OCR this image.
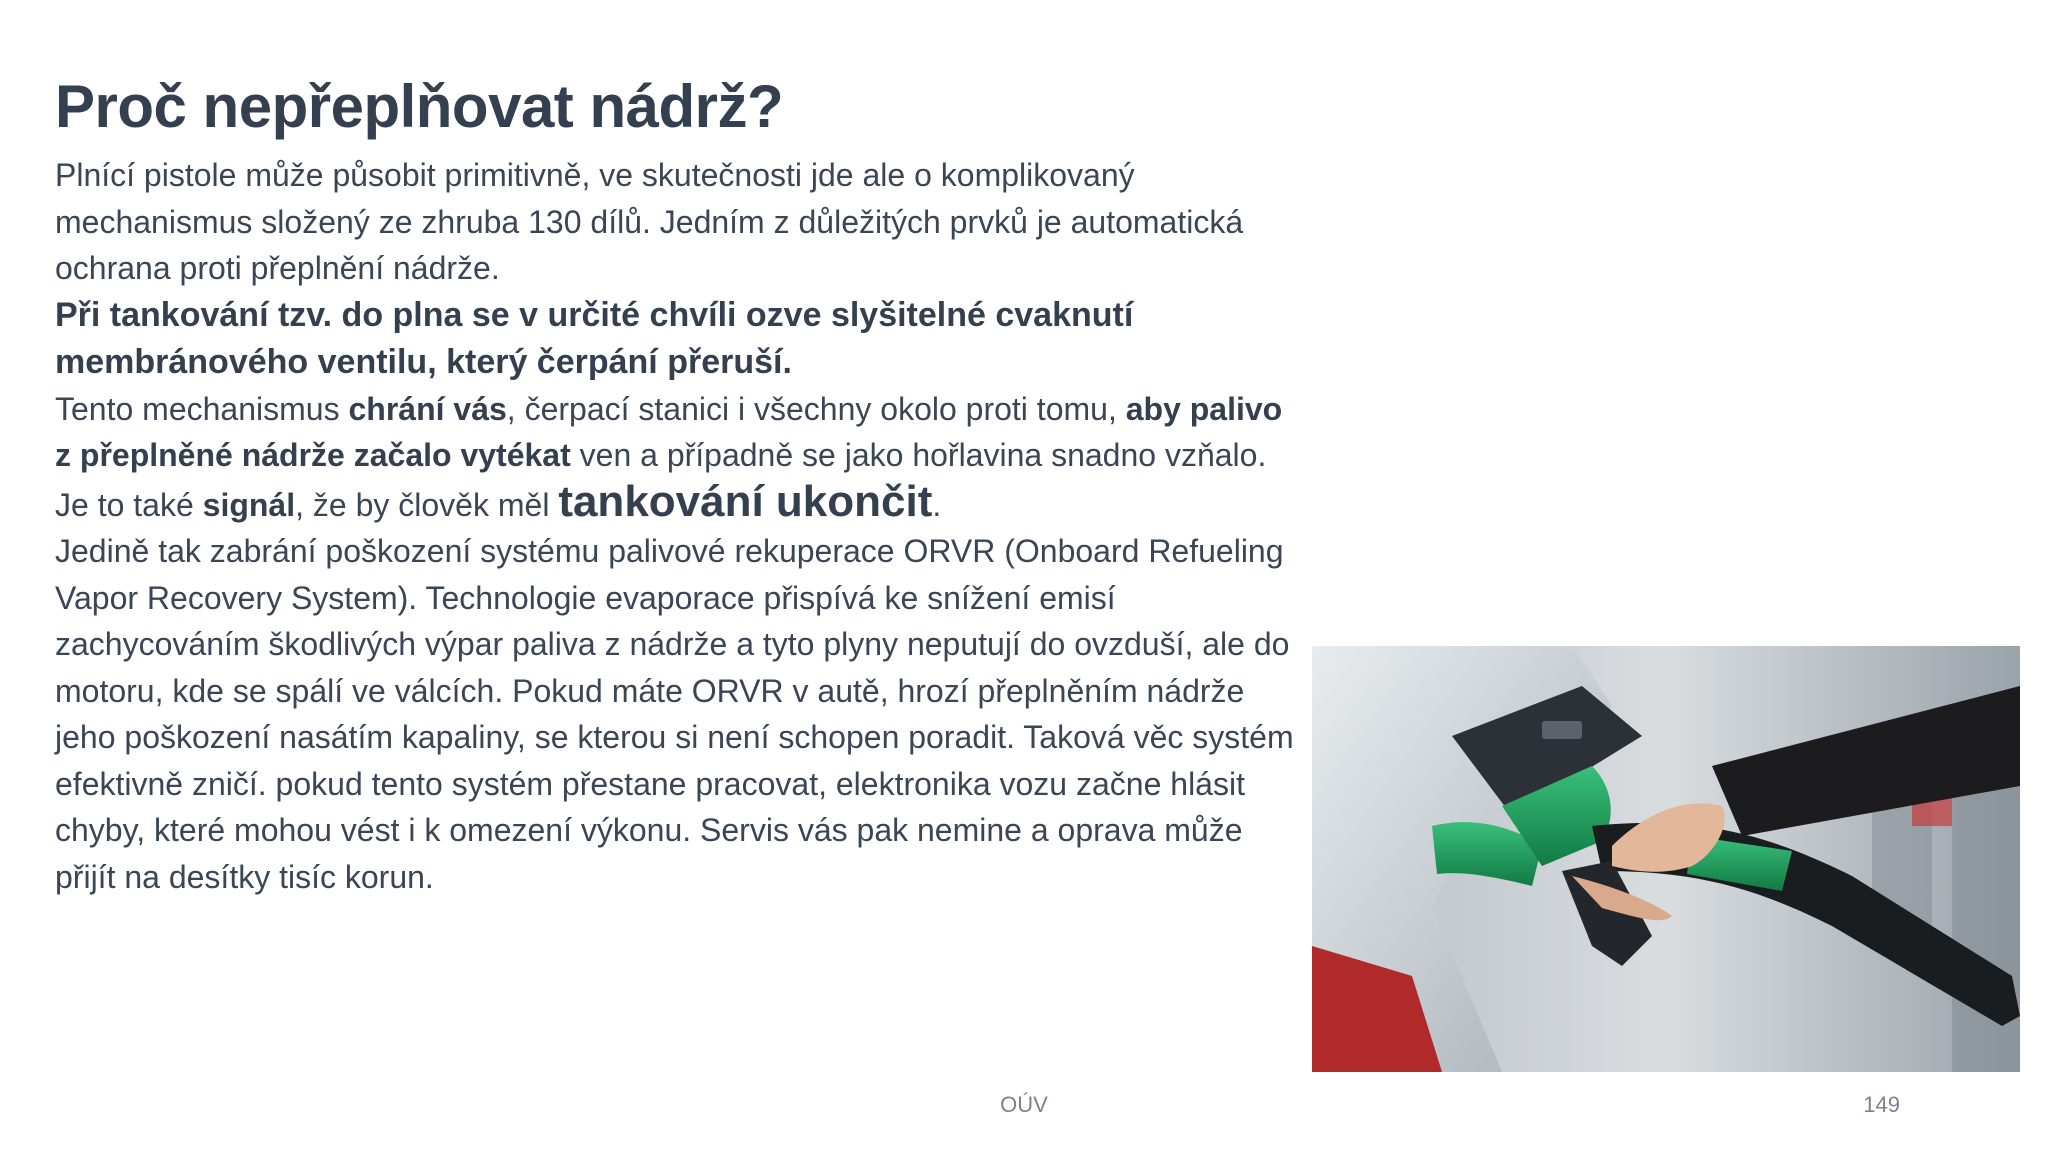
Proč nepřeplňovat nádrž?

Plnící pistole může působit primitivně, ve skutečnosti jde ale o komplikovaný mechanismus složený ze zhruba 130 dílů. Jedním z důležitých prvků je automatická ochrana proti přeplnění nádrže.

Při tankování tzv. do plna se v určité chvíli ozve slyšitelné cvaknutí membránového ventilu, který čerpání přeruší.

Tento mechanismus chrání vás, čerpací stanici i všechny okolo proti tomu, aby palivo z přeplněné nádrže začalo vytékat ven a případně se jako hořlavina snadno vzňalo. Je to také signál, že by člověk měl tankování ukončit.

Jedině tak zabrání poškození systému palivové rekuperace ORVR (Onboard Refueling Vapor Recovery System). Technologie evaporace přispívá ke snížení emisí zachycováním škodlivých výpar paliva z nádrže a tyto plyny neputují do ovzduší, ale do motoru, kde se spálí ve válcích. Pokud máte ORVR v autě, hrozí přeplněním nádrže jeho poškození nasátím kapaliny, se kterou si není schopen poradit. Taková věc systém efektivně zničí. pokud tento systém přestane pracovat, elektronika vozu začne hlásit chyby, které mohou vést i k omezení výkonu. Servis vás pak nemine a oprava může přijít na desítky tisíc korun.

OÚV	149
